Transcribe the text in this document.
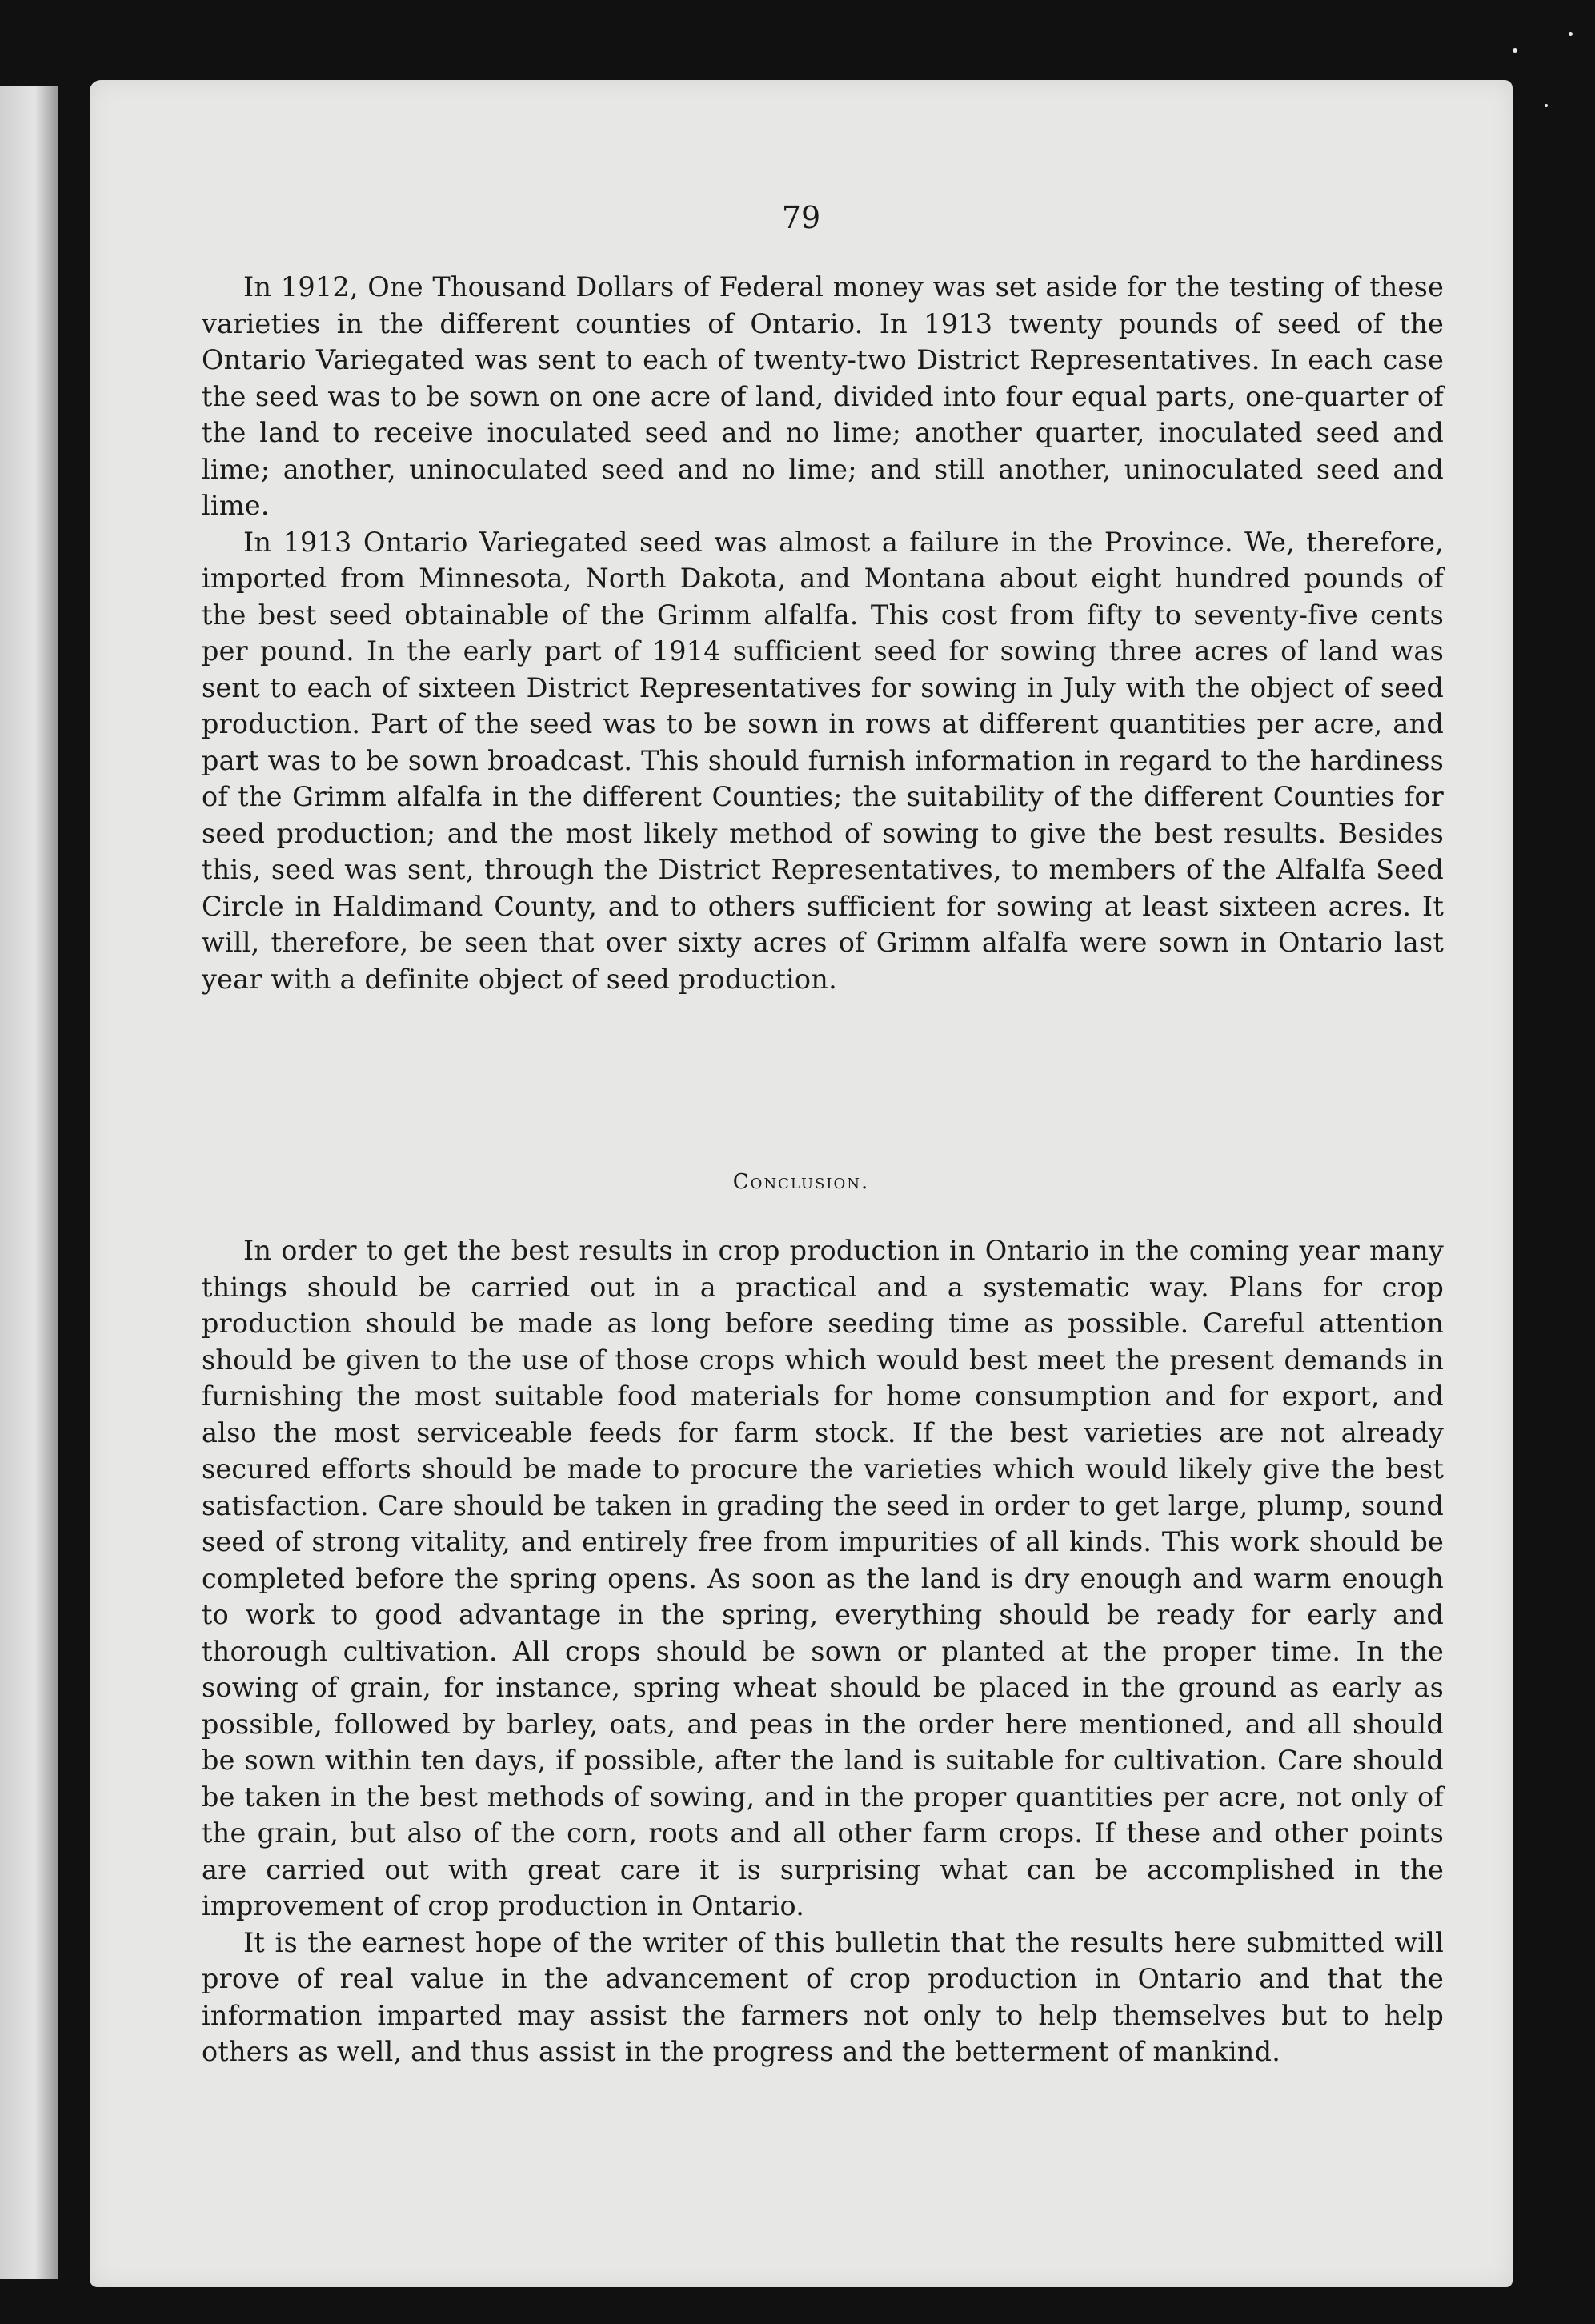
79

In 1912, One Thousand Dollars of Federal money was set aside for the testing of these varieties in the different counties of Ontario. In 1913 twenty pounds of seed of the Ontario Variegated was sent to each of twenty-two District Representatives. In each case the seed was to be sown on one acre of land, divided into four equal parts, one-quarter of the land to receive inoculated seed and no lime; another quarter, inoculated seed and lime; another, uninoculated seed and no lime; and still another, uninoculated seed and lime.

In 1913 Ontario Variegated seed was almost a failure in the Province. We, therefore, imported from Minnesota, North Dakota, and Montana about eight hundred pounds of the best seed obtainable of the Grimm alfalfa. This cost from fifty to seventy-five cents per pound. In the early part of 1914 sufficient seed for sowing three acres of land was sent to each of sixteen District Representatives for sowing in July with the object of seed production. Part of the seed was to be sown in rows at different quantities per acre, and part was to be sown broadcast. This should furnish information in regard to the hardiness of the Grimm alfalfa in the different Counties; the suitability of the different Counties for seed production; and the most likely method of sowing to give the best results. Besides this, seed was sent, through the District Representatives, to members of the Alfalfa Seed Circle in Haldimand County, and to others sufficient for sowing at least sixteen acres. It will, therefore, be seen that over sixty acres of Grimm alfalfa were sown in Ontario last year with a definite object of seed production.

Conclusion.

In order to get the best results in crop production in Ontario in the coming year many things should be carried out in a practical and a systematic way. Plans for crop production should be made as long before seeding time as possible. Careful attention should be given to the use of those crops which would best meet the present demands in furnishing the most suitable food materials for home consumption and for export, and also the most serviceable feeds for farm stock. If the best varieties are not already secured efforts should be made to procure the varieties which would likely give the best satisfaction. Care should be taken in grading the seed in order to get large, plump, sound seed of strong vitality, and entirely free from impurities of all kinds. This work should be completed before the spring opens. As soon as the land is dry enough and warm enough to work to good advantage in the spring, everything should be ready for early and thorough cultivation. All crops should be sown or planted at the proper time. In the sowing of grain, for instance, spring wheat should be placed in the ground as early as possible, followed by barley, oats, and peas in the order here mentioned, and all should be sown within ten days, if possible, after the land is suitable for cultivation. Care should be taken in the best methods of sowing, and in the proper quantities per acre, not only of the grain, but also of the corn, roots and all other farm crops. If these and other points are carried out with great care it is surprising what can be accomplished in the improvement of crop production in Ontario.

It is the earnest hope of the writer of this bulletin that the results here submitted will prove of real value in the advancement of crop production in Ontario and that the information imparted may assist the farmers not only to help themselves but to help others as well, and thus assist in the progress and the betterment of mankind.
